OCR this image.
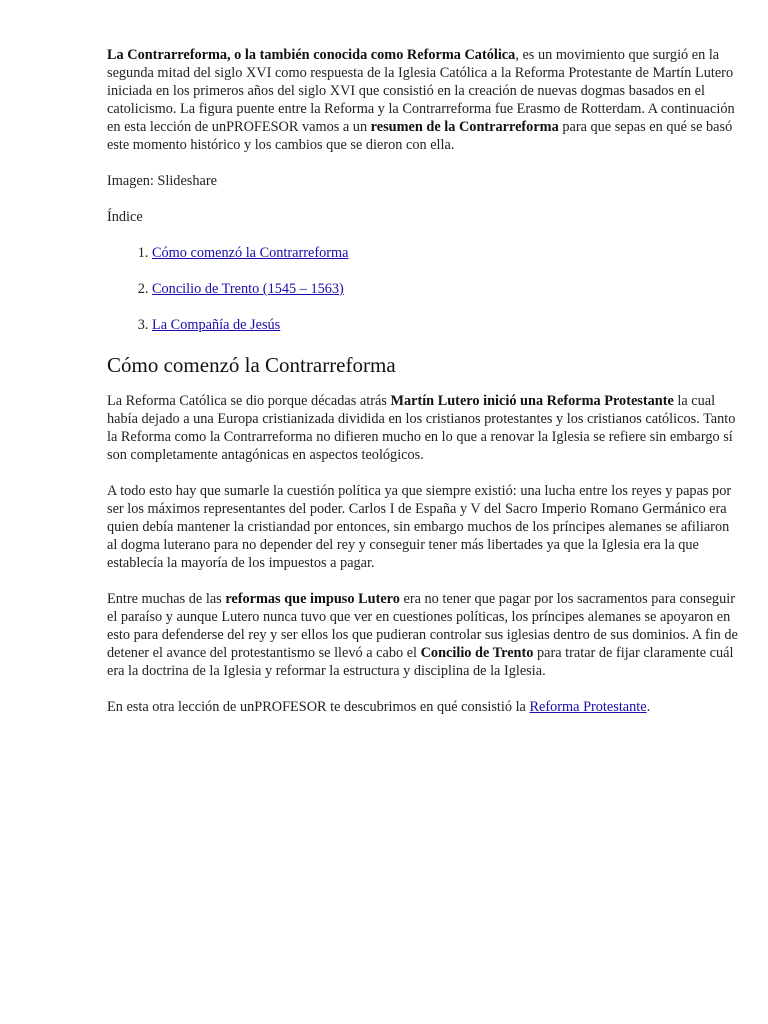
La Contrarreforma, o la también conocida como Reforma Católica, es un movimiento que surgió en la segunda mitad del siglo XVI como respuesta de la Iglesia Católica a la Reforma Protestante de Martín Lutero iniciada en los primeros años del siglo XVI que consistió en la creación de nuevas dogmas basados en el catolicismo. La figura puente entre la Reforma y la Contrarreforma fue Erasmo de Rotterdam. A continuación en esta lección de unPROFESOR vamos a un resumen de la Contrarreforma para que sepas en qué se basó este momento histórico y los cambios que se dieron con ella.

Imagen: Slideshare

Índice

1. Cómo comenzó la Contrarreforma
2. Concilio de Trento (1545 – 1563)
3. La Compañía de Jesús
Cómo comenzó la Contrarreforma

La Reforma Católica se dio porque décadas atrás Martín Lutero inició una Reforma Protestante la cual había dejado a una Europa cristianizada dividida en los cristianos protestantes y los cristianos católicos. Tanto la Reforma como la Contrarreforma no difieren mucho en lo que a renovar la Iglesia se refiere sin embargo sí son completamente antagónicas en aspectos teológicos.

A todo esto hay que sumarle la cuestión política ya que siempre existió: una lucha entre los reyes y papas por ser los máximos representantes del poder. Carlos I de España y V del Sacro Imperio Romano Germánico era quien debía mantener la cristiandad por entonces, sin embargo muchos de los príncipes alemanes se afiliaron al dogma luterano para no depender del rey y conseguir tener más libertades ya que la Iglesia era la que establecía la mayoría de los impuestos a pagar.

Entre muchas de las reformas que impuso Lutero era no tener que pagar por los sacramentos para conseguir el paraíso y aunque Lutero nunca tuvo que ver en cuestiones políticas, los príncipes alemanes se apoyaron en esto para defenderse del rey y ser ellos los que pudieran controlar sus iglesias dentro de sus dominios. A fin de detener el avance del protestantismo se llevó a cabo el Concilio de Trento para tratar de fijar claramente cuál era la doctrina de la Iglesia y reformar la estructura y disciplina de la Iglesia.

En esta otra lección de unPROFESOR te descubrimos en qué consistió la Reforma Protestante.
